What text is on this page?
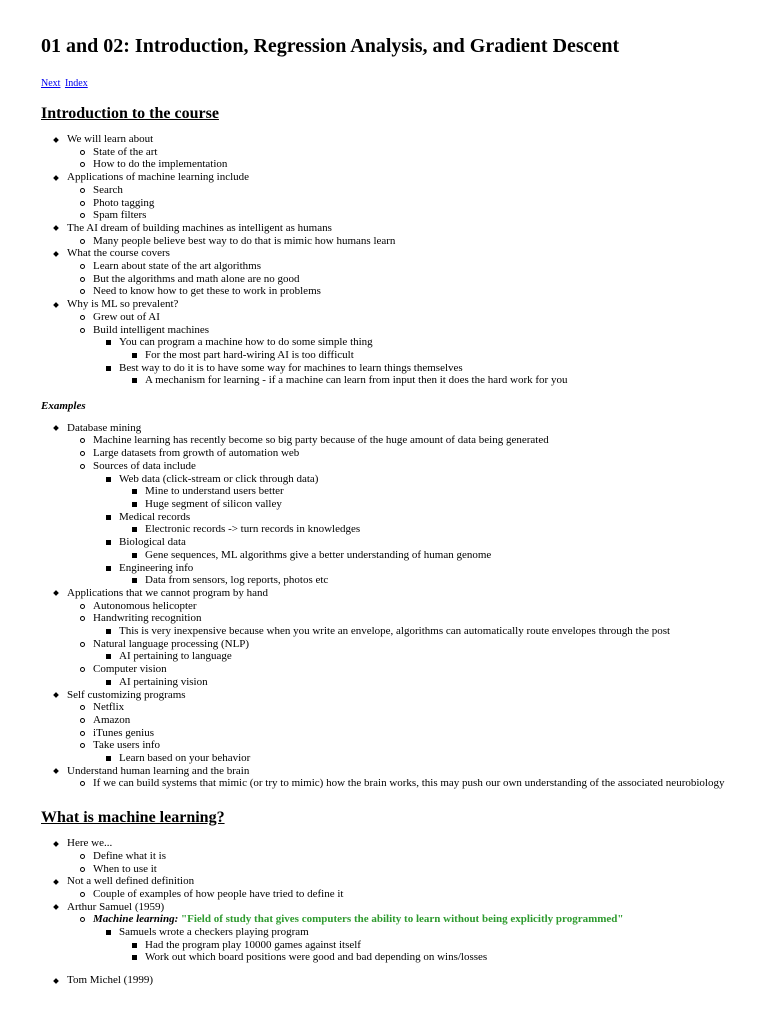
01 and 02: Introduction, Regression Analysis, and Gradient Descent
Next Index
Introduction to the course
We will learn about
State of the art
How to do the implementation
Applications of machine learning include
Search
Photo tagging
Spam filters
The AI dream of building machines as intelligent as humans
Many people believe best way to do that is mimic how humans learn
What the course covers
Learn about state of the art algorithms
But the algorithms and math alone are no good
Need to know how to get these to work in problems
Why is ML so prevalent?
Grew out of AI
Build intelligent machines
You can program a machine how to do some simple thing
For the most part hard-wiring AI is too difficult
Best way to do it is to have some way for machines to learn things themselves
A mechanism for learning - if a machine can learn from input then it does the hard work for you
Examples
Database mining
Machine learning has recently become so big party because of the huge amount of data being generated
Large datasets from growth of automation web
Sources of data include
Web data (click-stream or click through data)
Mine to understand users better
Huge segment of silicon valley
Medical records
Electronic records -> turn records in knowledges
Biological data
Gene sequences, ML algorithms give a better understanding of human genome
Engineering info
Data from sensors, log reports, photos etc
Applications that we cannot program by hand
Autonomous helicopter
Handwriting recognition
This is very inexpensive because when you write an envelope, algorithms can automatically route envelopes through the post
Natural language processing (NLP)
AI pertaining to language
Computer vision
AI pertaining vision
Self customizing programs
Netflix
Amazon
iTunes genius
Take users info
Learn based on your behavior
Understand human learning and the brain
If we can build systems that mimic (or try to mimic) how the brain works, this may push our own understanding of the associated neurobiology
What is machine learning?
Here we...
Define what it is
When to use it
Not a well defined definition
Couple of examples of how people have tried to define it
Arthur Samuel (1959)
Machine learning: "Field of study that gives computers the ability to learn without being explicitly programmed"
Samuels wrote a checkers playing program
Had the program play 10000 games against itself
Work out which board positions were good and bad depending on wins/losses
Tom Michel (1999)
